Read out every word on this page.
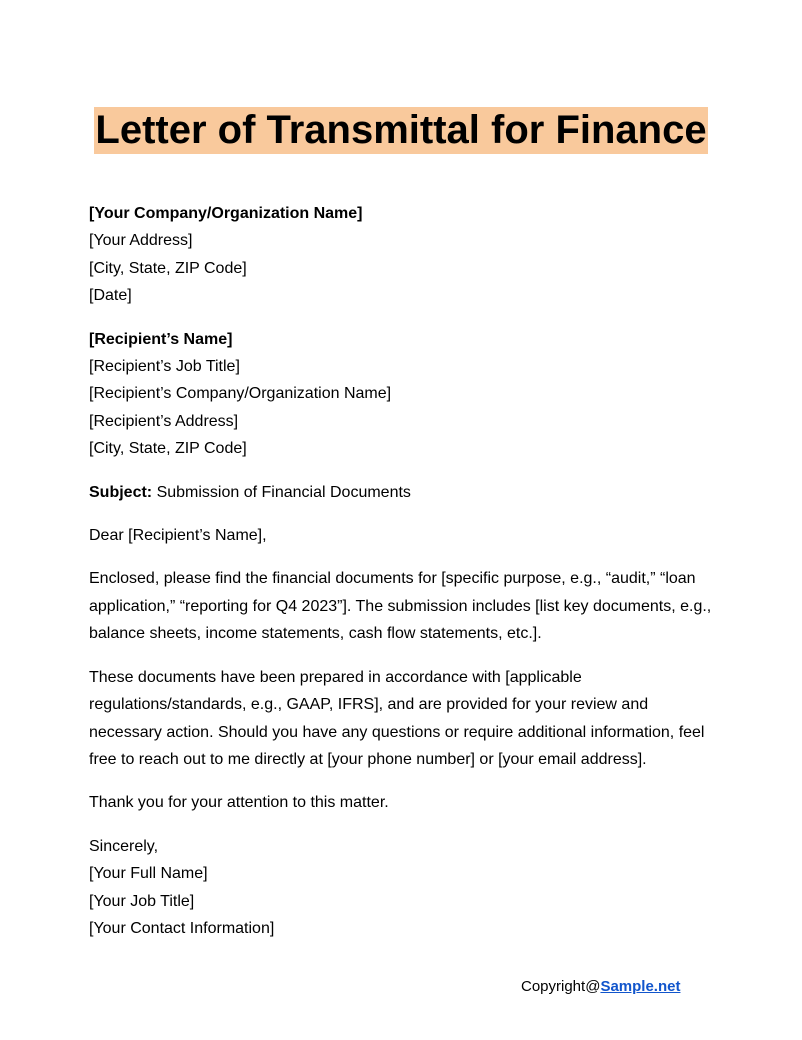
Letter of Transmittal for Finance
[Your Company/Organization Name]
[Your Address]
[City, State, ZIP Code]
[Date]
[Recipient’s Name]
[Recipient’s Job Title]
[Recipient’s Company/Organization Name]
[Recipient’s Address]
[City, State, ZIP Code]

Subject: Submission of Financial Documents

Dear [Recipient’s Name],

Enclosed, please find the financial documents for [specific purpose, e.g., “audit,” “loan application,” “reporting for Q4 2023”]. The submission includes [list key documents, e.g., balance sheets, income statements, cash flow statements, etc.].

These documents have been prepared in accordance with [applicable regulations/standards, e.g., GAAP, IFRS], and are provided for your review and necessary action. Should you have any questions or require additional information, feel free to reach out to me directly at [your phone number] or [your email address].

Thank you for your attention to this matter.

Sincerely,
[Your Full Name]
[Your Job Title]
[Your Contact Information]
Copyright@Sample.net
